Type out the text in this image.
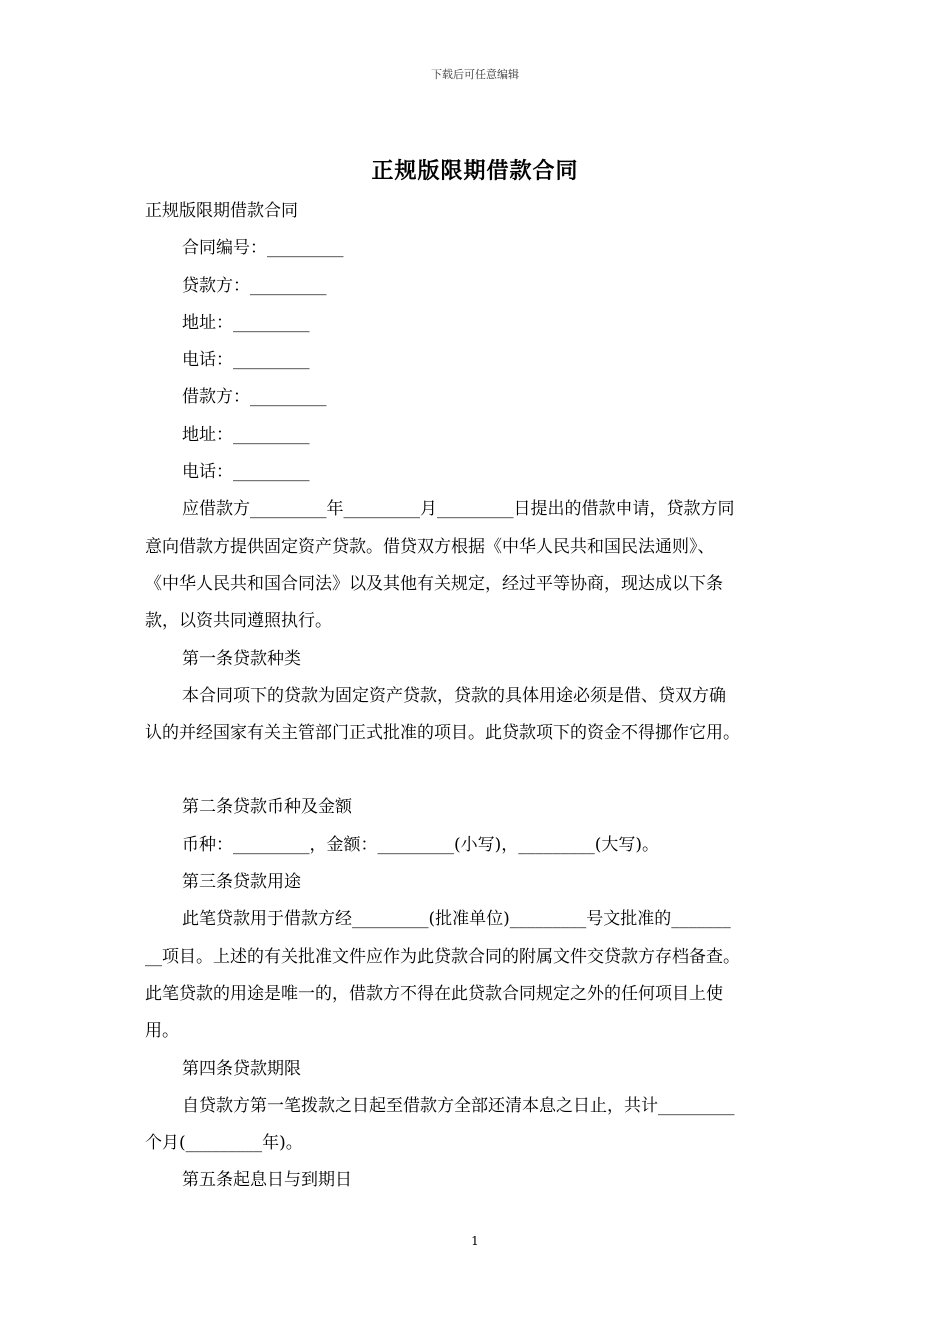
下载后可任意编辑
正规版限期借款合同

正规版限期借款合同

合同编号：_________

贷款方：_________

地址：_________

电话：_________

借款方：_________

地址：_________

电话：_________

应借款方_________年_________月_________日提出的借款申请，贷款方同

意向借款方提供固定资产贷款。借贷双方根据《中华人民共和国民法通则》、

《中华人民共和国合同法》以及其他有关规定，经过平等协商，现达成以下条

款，以资共同遵照执行。

第一条贷款种类

本合同项下的贷款为固定资产贷款，贷款的具体用途必须是借、贷双方确

认的并经国家有关主管部门正式批准的项目。此贷款项下的资金不得挪作它用。

第二条贷款币种及金额

币种：_________，金额：_________(小写)，_________(大写)。

第三条贷款用途

此笔贷款用于借款方经_________(批准单位)_________号文批准的_______

__项目。上述的有关批准文件应作为此贷款合同的附属文件交贷款方存档备查。

此笔贷款的用途是唯一的，借款方不得在此贷款合同规定之外的任何项目上使

用。

第四条贷款期限

自贷款方第一笔拨款之日起至借款方全部还清本息之日止，共计_________

个月(_________年)。

第五条起息日与到期日

1
